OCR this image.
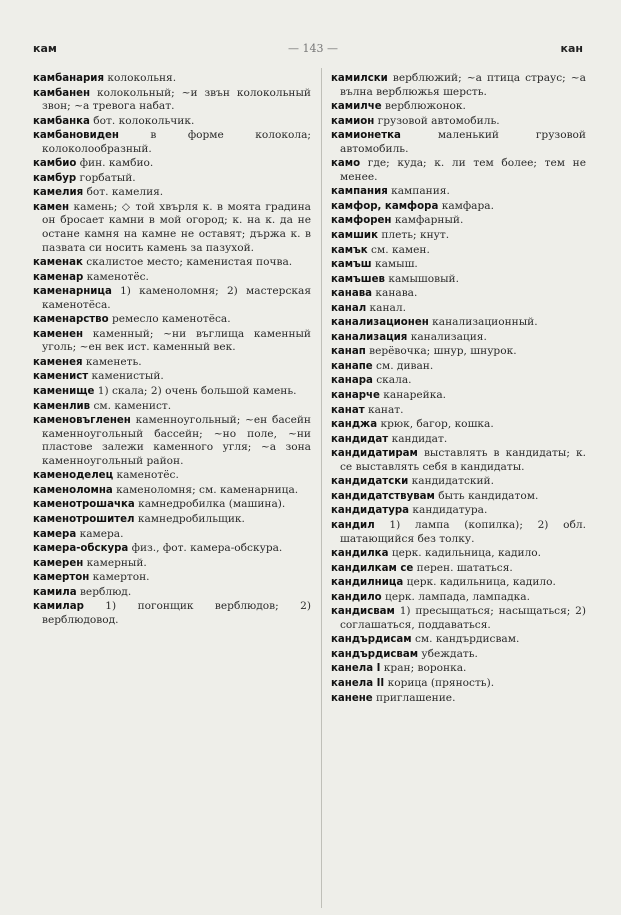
кам	— 143 —	кан

камбанария колокольня.

камбанен колокольный; ~и звън колокольный звон; ~а тревога набат.

камбанка бот. колокольчик.

камбановиден в форме колокола; колоколообразный.

камбио фин. камбио.

камбур горбатый.

камелия бот. камелия.

камен камень; ◇ той хвърля к. в моята градина он бросает камни в мой огород; к. на к. да не остане камня на камне не оставят; държа к. в пазвата си носить камень за пазухой.

каменак скалистое место; каменистая почва.

каменар каменотёс.

каменарница 1) каменоломня; 2) мастерская каменотёса.

каменарство ремесло каменотёса.

каменен каменный; ~ни въглища каменный уголь; ~ен век ист. каменный век.

каменея каменеть.

каменист каменистый.

каменище 1) скала; 2) очень большой камень.

каменлив см. каменист.

каменовъгленен каменноугольный; ~ен басейн каменноугольный бассейн; ~но поле, ~ни пластове залежи каменного угля; ~а зона каменноугольный район.

каменоделец каменотёс.

каменоломна каменоломня; см. каменарница.

каменотрошачка камнедробилка (машина).

каменотрошител камнедробильщик.

камера камера.

камера-обскура физ., фот. камера-обскура.

камерен камерный.

камертон камертон.

камила верблюд.

камилар 1) погонщик верблюдов; 2) верблюдовод.

камилски верблюжий; ~а птица страус; ~а вълна верблюжья шерсть.

камилче верблюжонок.

камион грузовой автомобиль.

камионетка маленький грузовой автомобиль.

камо где; куда; к. ли тем более; тем не менее.

кампания кампания.

камфор, камфора камфара.

камфорен камфарный.

камшик плеть; кнут.

камък см. камен.

камъш камыш.

камъшев камышовый.

канава канава.

канал канал.

канализационен канализационный.

канализация канализация.

канап верёвочка; шнур, шнурок.

канапе см. диван.

канара скала.

канарче канарейка.

канат канат.

канджа крюк, багор, кошка.

кандидат кандидат.

кандидатирам выставлять в кандидаты; к. се выставлять себя в кандидаты.

кандидатски кандидатский.

кандидатствувам быть кандидатом.

кандидатура кандидатура.

кандил 1) лампа (копилка); 2) обл. шатающийся без толку.

кандилка церк. кадильница, кадило.

кандилкам се перен. шататься.

кандилница церк. кадильница, кадило.

кандило церк. лампада, лампадка.

кандисвам 1) пресыщаться; насыщаться; 2) соглашаться, поддаваться.

кандърдисам см. кандърдисвам.

кандърдисвам убеждать.

канела I кран; воронка.

канела II корица (пряность).

канене приглашение.
